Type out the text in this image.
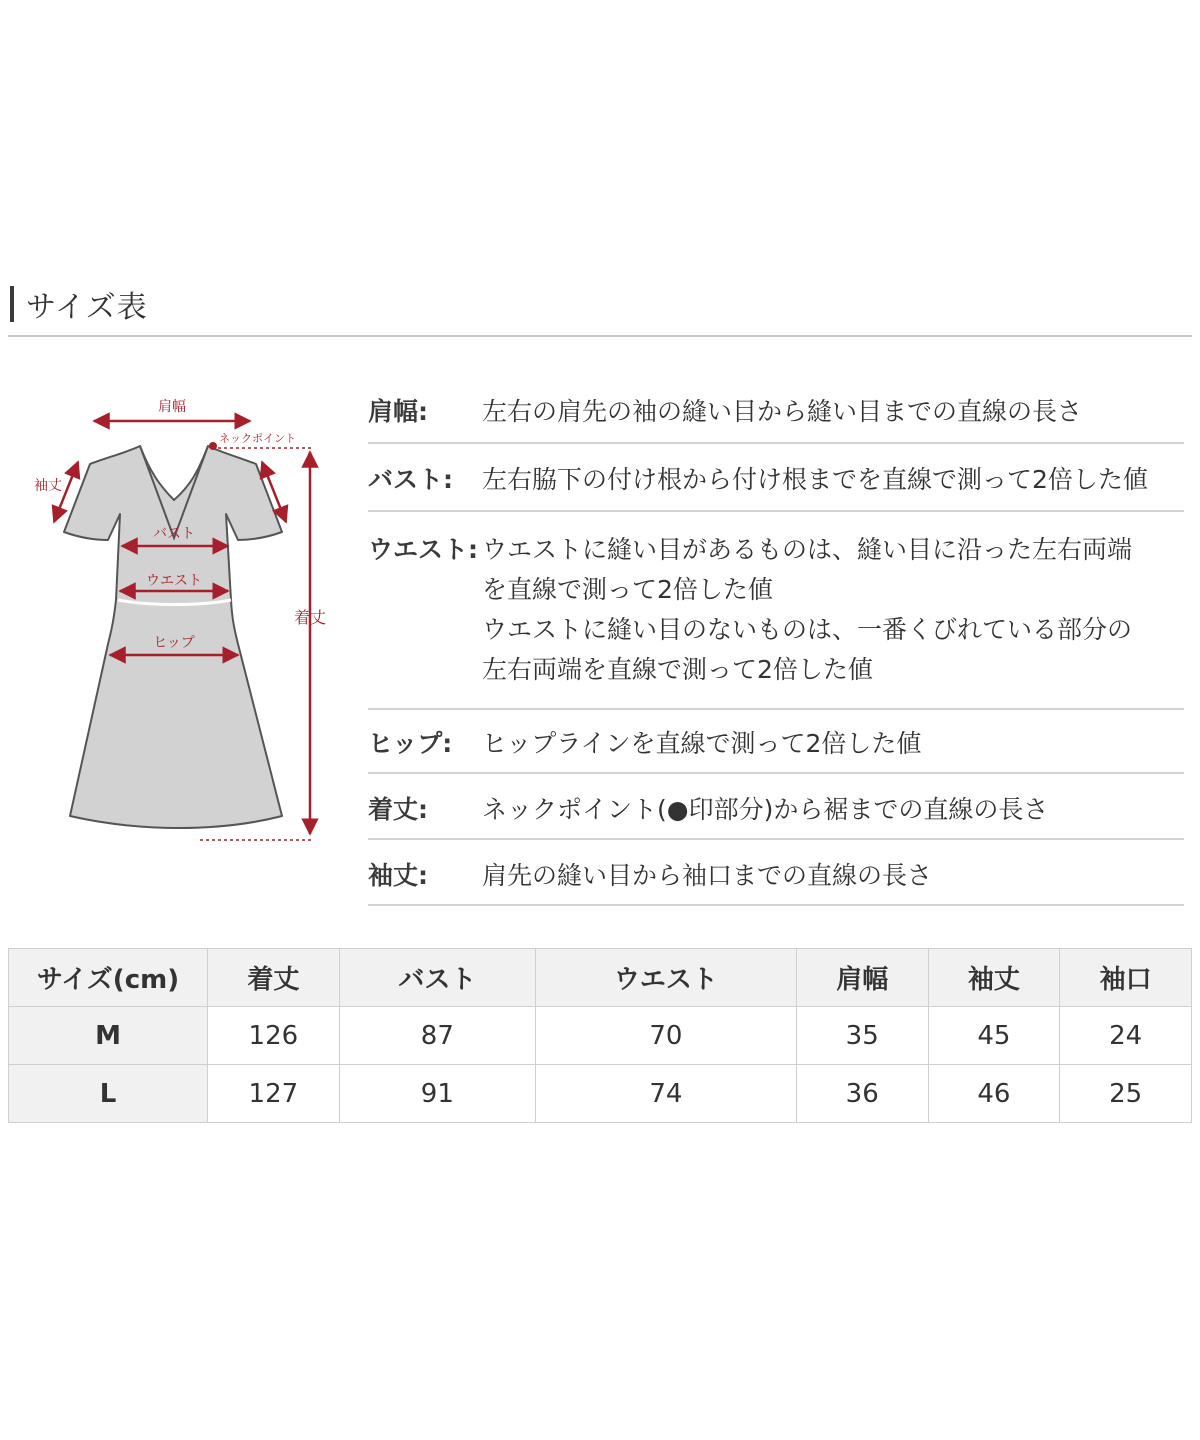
サイズ表
肩幅
ネックポイント
袖丈
バスト
ウエスト
ヒップ
着丈
肩幅:	左右の肩先の袖の縫い目から縫い目までの直線の長さ
バスト:	左右脇下の付け根から付け根までを直線で測って2倍した値
ウエスト: ウエストに縫い目があるものは、縫い目に沿った左右両端
を直線で測って2倍した値
ウエストに縫い目のないものは、一番くびれている部分の
左右両端を直線で測って2倍した値
ヒップ:	ヒップラインを直線で測って2倍した値
着丈:	ネックポイント(●印部分)から裾までの直線の長さ
袖丈:	肩先の縫い目から袖口までの直線の長さ
サイズ(cm)	着丈	バスト	ウエスト	肩幅	袖丈	袖口
M	126	87	70	35	45	24
L	127	91	74	36	46	25
